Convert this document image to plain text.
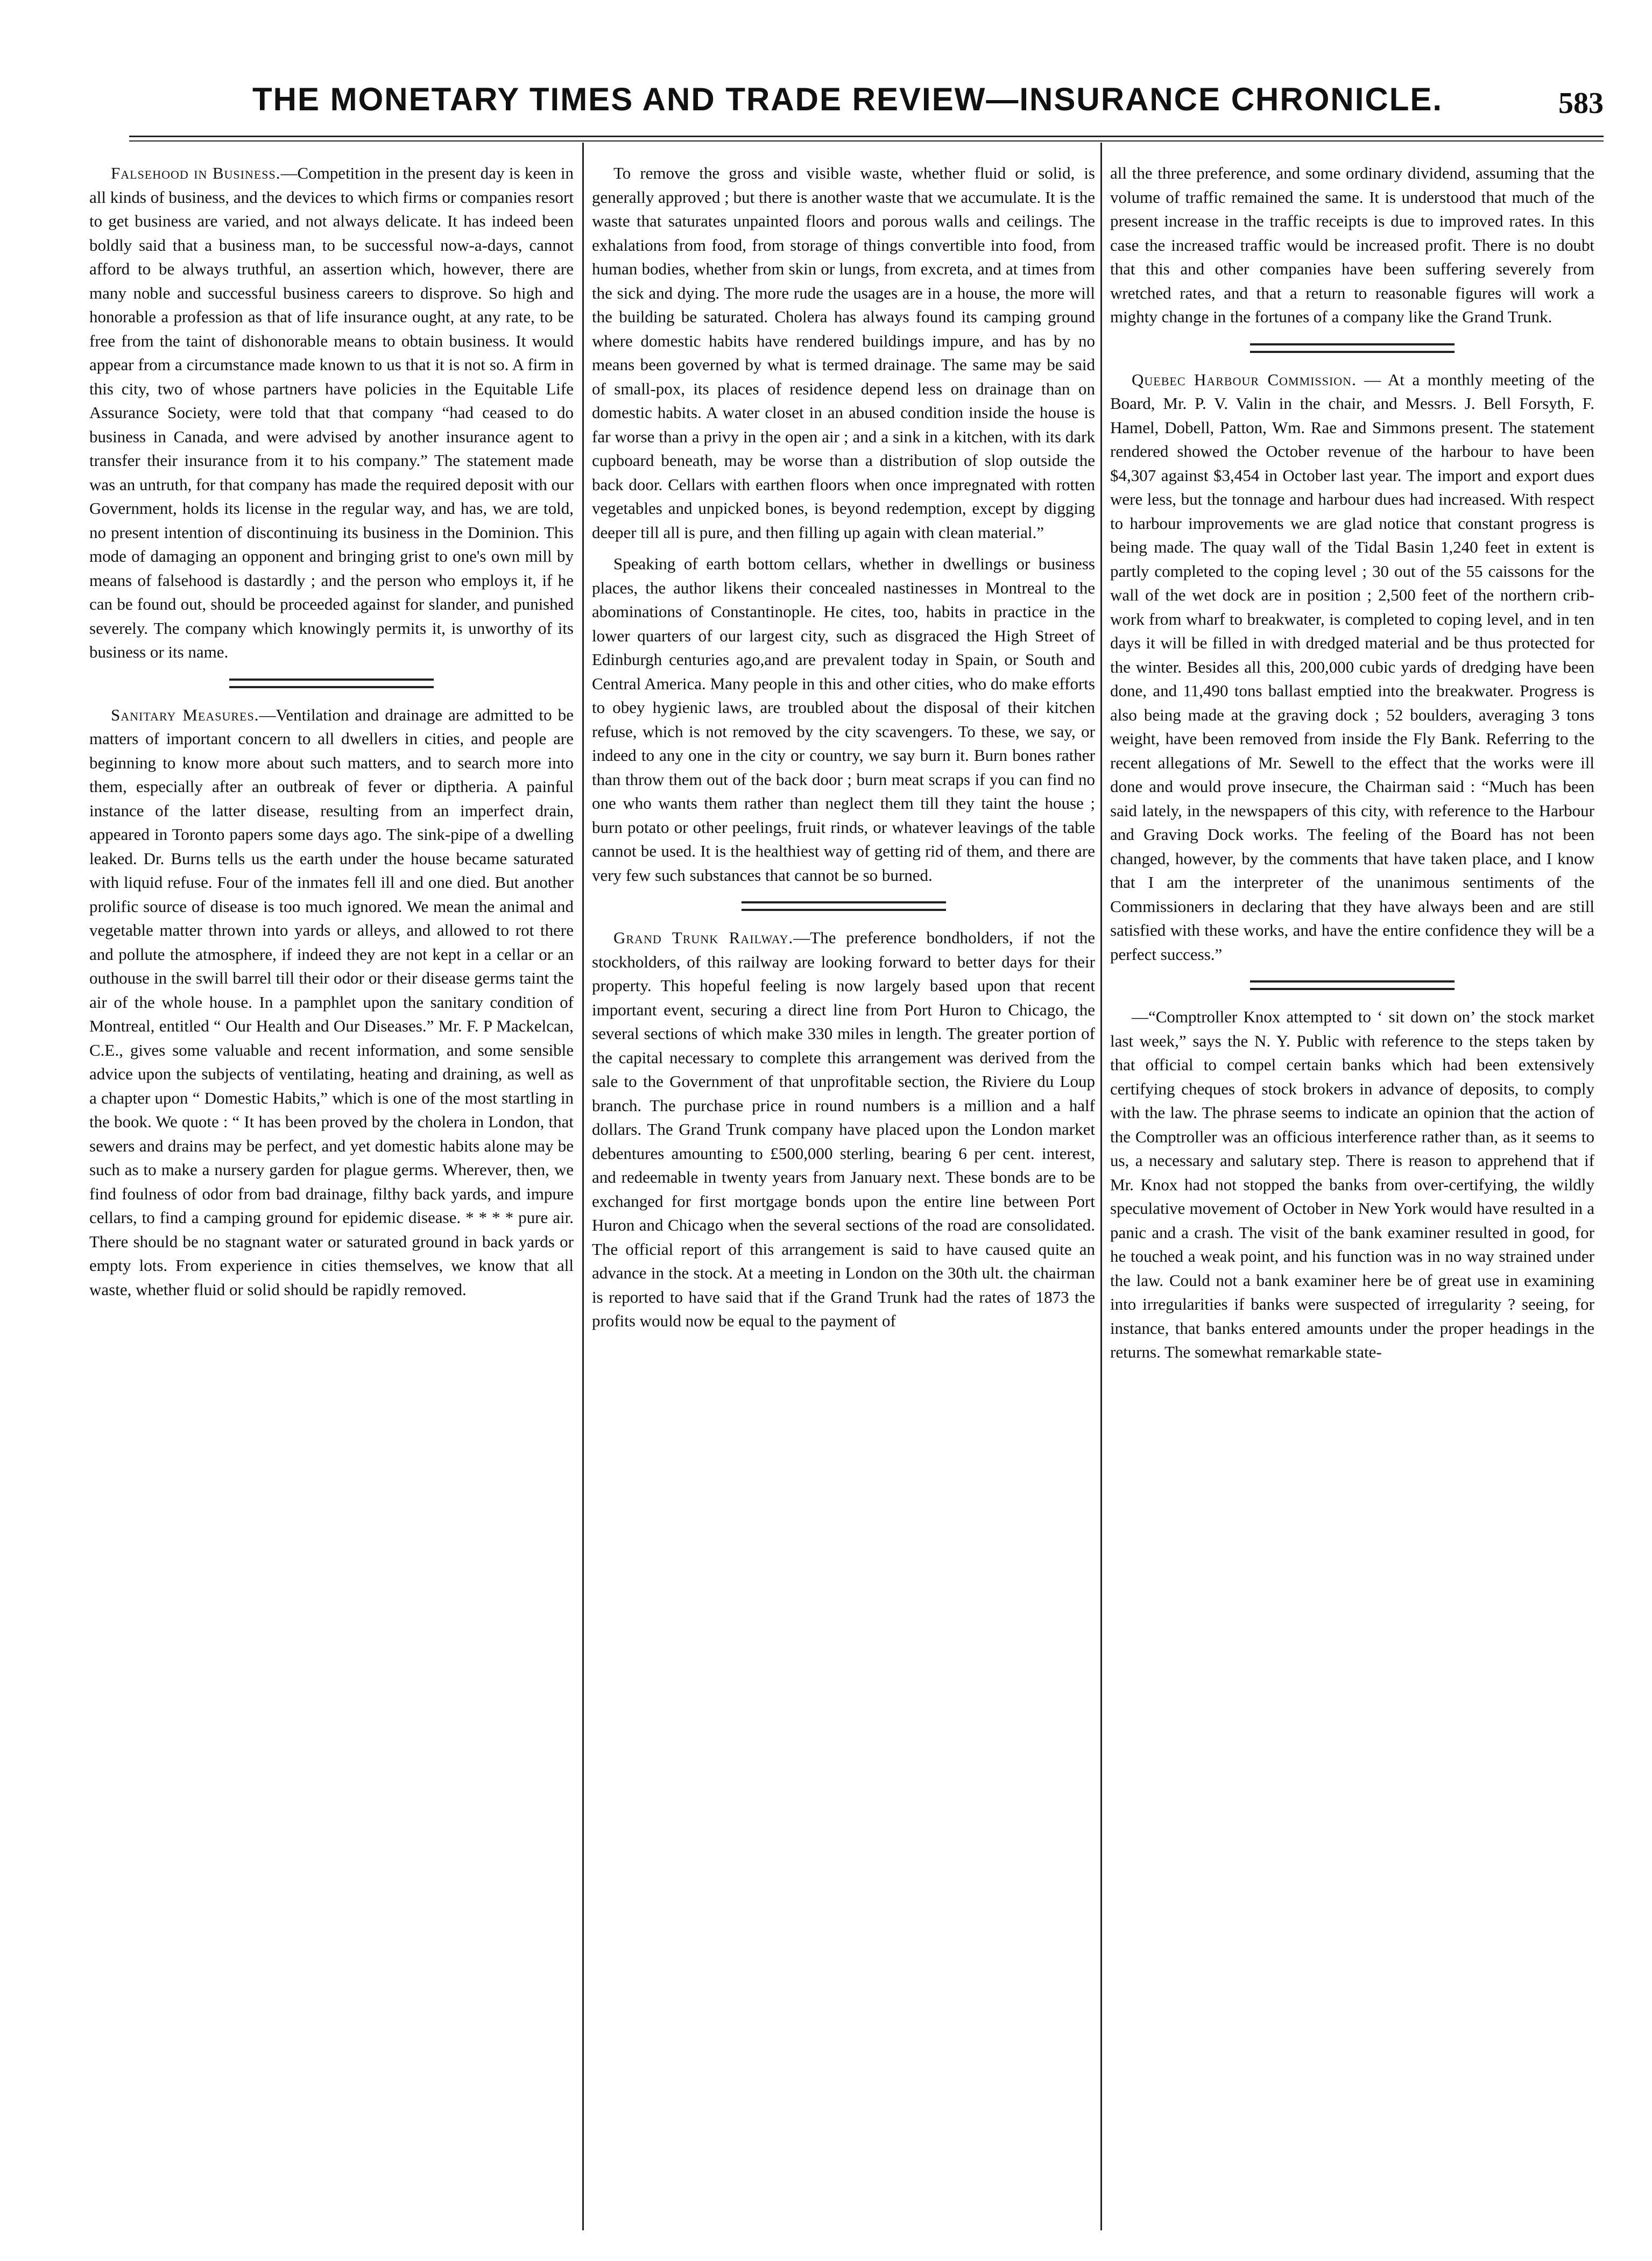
THE MONETARY TIMES AND TRADE REVIEW—INSURANCE CHRONICLE.	583

Falsehood in Business.—Competition in the present day is keen in all kinds of business, and the devices to which firms or companies resort to get business are varied, and not always delicate. It has indeed been boldly said that a business man, to be successful now-a-days, cannot afford to be always truthful, an assertion which, however, there are many noble and successful business careers to disprove. So high and honorable a profession as that of life insurance ought, at any rate, to be free from the taint of dishonorable means to obtain business. It would appear from a circumstance made known to us that it is not so. A firm in this city, two of whose partners have policies in the Equitable Life Assurance Society, were told that that company “had ceased to do business in Canada, and were advised by another insurance agent to transfer their insurance from it to his company.” The statement made was an untruth, for that company has made the required deposit with our Government, holds its license in the regular way, and has, we are told, no present intention of discontinuing its business in the Dominion. This mode of damaging an opponent and bringing grist to one's own mill by means of falsehood is dastardly ; and the person who employs it, if he can be found out, should be proceeded against for slander, and punished severely. The company which knowingly permits it, is unworthy of its business or its name.

Sanitary Measures.—Ventilation and drainage are admitted to be matters of important concern to all dwellers in cities, and people are beginning to know more about such matters, and to search more into them, especially after an outbreak of fever or diptheria. A painful instance of the latter disease, resulting from an imperfect drain, appeared in Toronto papers some days ago. The sink-pipe of a dwelling leaked. Dr. Burns tells us the earth under the house became saturated with liquid refuse. Four of the inmates fell ill and one died. But another prolific source of disease is too much ignored. We mean the animal and vegetable matter thrown into yards or alleys, and allowed to rot there and pollute the atmosphere, if indeed they are not kept in a cellar or an outhouse in the swill barrel till their odor or their disease germs taint the air of the whole house. In a pamphlet upon the sanitary condition of Montreal, entitled “ Our Health and Our Diseases.” Mr. F. P Mackelcan, C.E., gives some valuable and recent information, and some sensible advice upon the subjects of ventilating, heating and draining, as well as a chapter upon “ Domestic Habits,” which is one of the most startling in the book. We quote : “ It has been proved by the cholera in London, that sewers and drains may be perfect, and yet domestic habits alone may be such as to make a nursery garden for plague germs. Wherever, then, we find foulness of odor from bad drainage, filthy back yards, and impure cellars, to find a camping ground for epidemic disease. * * * * pure air. There should be no stagnant water or saturated ground in back yards or empty lots. From experience in cities themselves, we know that all waste, whether fluid or solid should be rapidly removed.

To remove the gross and visible waste, whether fluid or solid, is generally approved ; but there is another waste that we accumulate. It is the waste that saturates unpainted floors and porous walls and ceilings. The exhalations from food, from storage of things convertible into food, from human bodies, whether from skin or lungs, from excreta, and at times from the sick and dying. The more rude the usages are in a house, the more will the building be saturated. Cholera has always found its camping ground where domestic habits have rendered buildings impure, and has by no means been governed by what is termed drainage. The same may be said of small-pox, its places of residence depend less on drainage than on domestic habits. A water closet in an abused condition inside the house is far worse than a privy in the open air ; and a sink in a kitchen, with its dark cupboard beneath, may be worse than a distribution of slop outside the back door. Cellars with earthen floors when once impregnated with rotten vegetables and unpicked bones, is beyond redemption, except by digging deeper till all is pure, and then filling up again with clean material.”

Speaking of earth bottom cellars, whether in dwellings or business places, the author likens their concealed nastinesses in Montreal to the abominations of Constantinople. He cites, too, habits in practice in the lower quarters of our largest city, such as disgraced the High Street of Edinburgh centuries ago,and are prevalent today in Spain, or South and Central America. Many people in this and other cities, who do make efforts to obey hygienic laws, are troubled about the disposal of their kitchen refuse, which is not removed by the city scavengers. To these, we say, or indeed to any one in the city or country, we say burn it. Burn bones rather than throw them out of the back door ; burn meat scraps if you can find no one who wants them rather than neglect them till they taint the house ; burn potato or other peelings, fruit rinds, or whatever leavings of the table cannot be used. It is the healthiest way of getting rid of them, and there are very few such substances that cannot be so burned.

Grand Trunk Railway.—The preference bondholders, if not the stockholders, of this railway are looking forward to better days for their property. This hopeful feeling is now largely based upon that recent important event, securing a direct line from Port Huron to Chicago, the several sections of which make 330 miles in length. The greater portion of the capital necessary to complete this arrangement was derived from the sale to the Government of that unprofitable section, the Riviere du Loup branch. The purchase price in round numbers is a million and a half dollars. The Grand Trunk company have placed upon the London market debentures amounting to £500,000 sterling, bearing 6 per cent. interest, and redeemable in twenty years from January next. These bonds are to be exchanged for first mortgage bonds upon the entire line between Port Huron and Chicago when the several sections of the road are consolidated. The official report of this arrangement is said to have caused quite an advance in the stock. At a meeting in London on the 30th ult. the chairman is reported to have said that if the Grand Trunk had the rates of 1873 the profits would now be equal to the payment of

all the three preference, and some ordinary dividend, assuming that the volume of traffic remained the same. It is understood that much of the present increase in the traffic receipts is due to improved rates. In this case the increased traffic would be increased profit. There is no doubt that this and other companies have been suffering severely from wretched rates, and that a return to reasonable figures will work a mighty change in the fortunes of a company like the Grand Trunk.

Quebec Harbour Commission. — At a monthly meeting of the Board, Mr. P. V. Valin in the chair, and Messrs. J. Bell Forsyth, F. Hamel, Dobell, Patton, Wm. Rae and Simmons present. The statement rendered showed the October revenue of the harbour to have been $4,307 against $3,454 in October last year. The import and export dues were less, but the tonnage and harbour dues had increased. With respect to harbour improvements we are glad notice that constant progress is being made. The quay wall of the Tidal Basin 1,240 feet in extent is partly completed to the coping level ; 30 out of the 55 caissons for the wall of the wet dock are in position ; 2,500 feet of the northern crib-work from wharf to breakwater, is completed to coping level, and in ten days it will be filled in with dredged material and be thus protected for the winter. Besides all this, 200,000 cubic yards of dredging have been done, and 11,490 tons ballast emptied into the breakwater. Progress is also being made at the graving dock ; 52 boulders, averaging 3 tons weight, have been removed from inside the Fly Bank. Referring to the recent allegations of Mr. Sewell to the effect that the works were ill done and would prove insecure, the Chairman said : “Much has been said lately, in the newspapers of this city, with reference to the Harbour and Graving Dock works. The feeling of the Board has not been changed, however, by the comments that have taken place, and I know that I am the interpreter of the unanimous sentiments of the Commissioners in declaring that they have always been and are still satisfied with these works, and have the entire confidence they will be a perfect success.”

—“Comptroller Knox attempted to ‘ sit down on’ the stock market last week,” says the N. Y. Public with reference to the steps taken by that official to compel certain banks which had been extensively certifying cheques of stock brokers in advance of deposits, to comply with the law. The phrase seems to indicate an opinion that the action of the Comptroller was an officious interference rather than, as it seems to us, a necessary and salutary step. There is reason to apprehend that if Mr. Knox had not stopped the banks from over-certifying, the wildly speculative movement of October in New York would have resulted in a panic and a crash. The visit of the bank examiner resulted in good, for he touched a weak point, and his function was in no way strained under the law. Could not a bank examiner here be of great use in examining into irregularities if banks were suspected of irregularity ? seeing, for instance, that banks entered amounts under the proper headings in the returns. The somewhat remarkable state-
